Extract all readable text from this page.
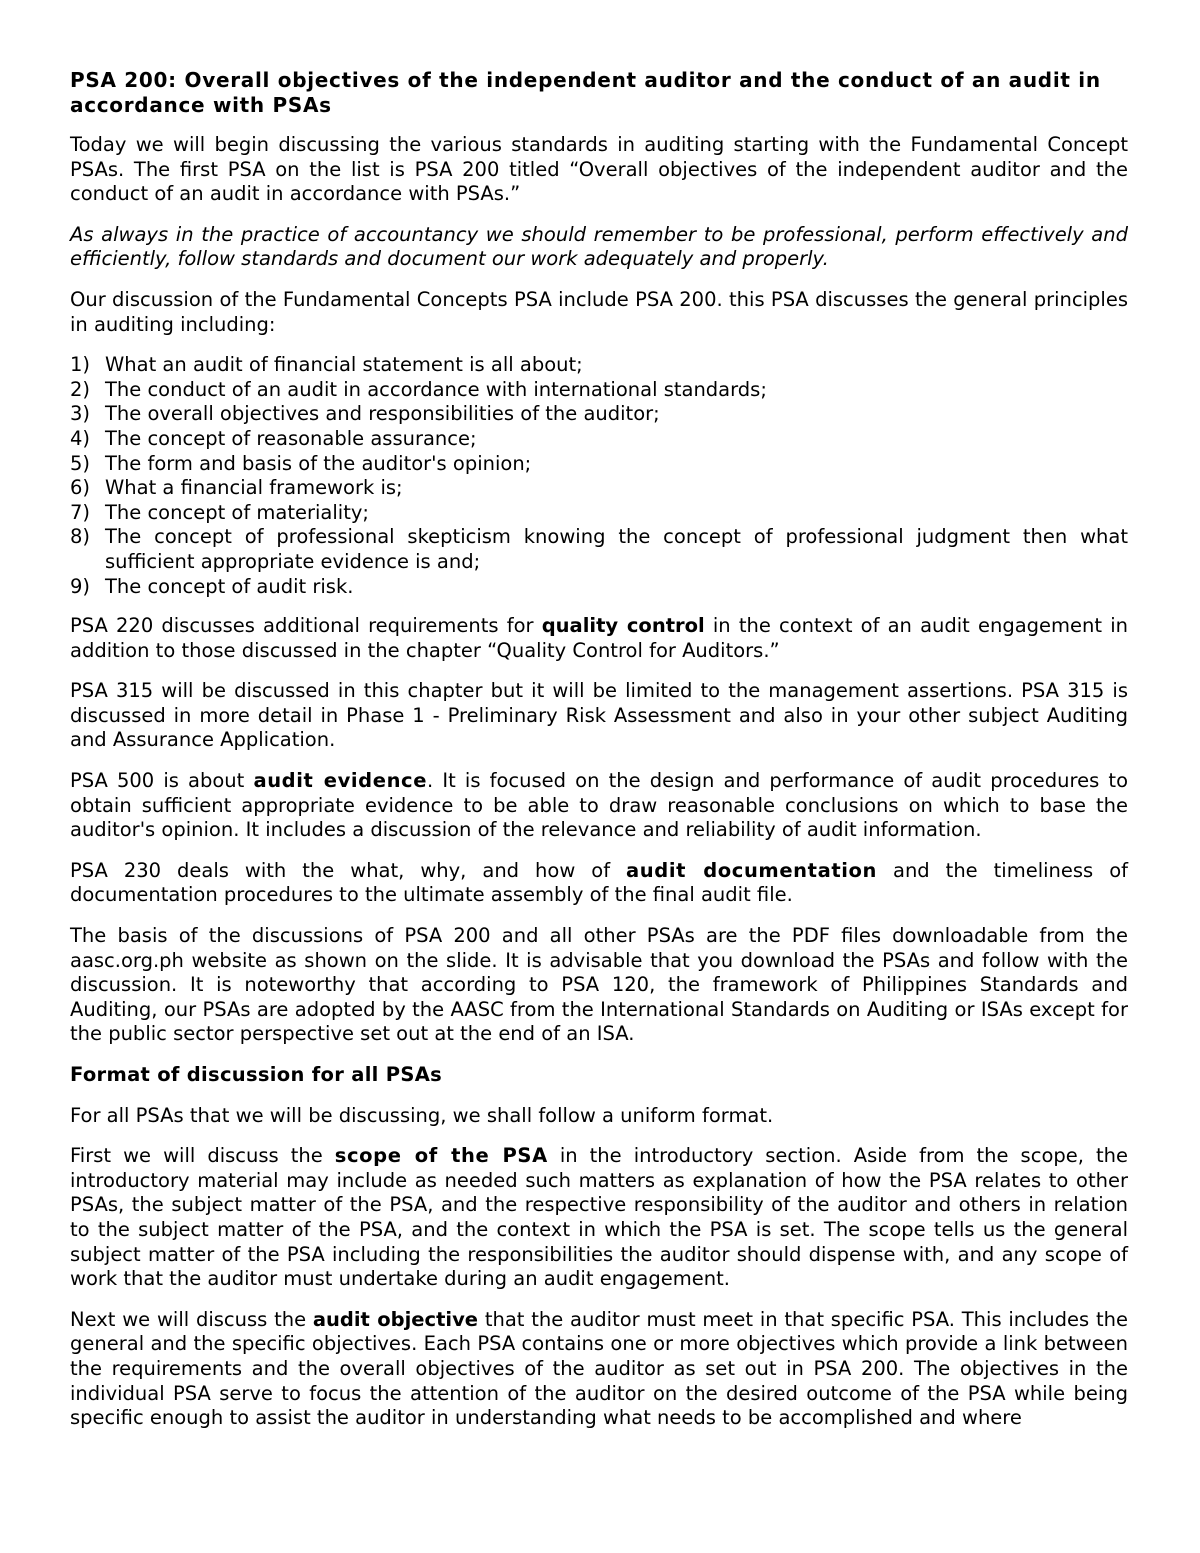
PSA 200: Overall objectives of the independent auditor and the conduct of an audit in accordance with PSAs

Today we will begin discussing the various standards in auditing starting with the Fundamental Concept PSAs. The first PSA on the list is PSA 200 titled “Overall objectives of the independent auditor and the conduct of an audit in accordance with PSAs.”

As always in the practice of accountancy we should remember to be professional, perform effectively and efficiently, follow standards and document our work adequately and properly.

Our discussion of the Fundamental Concepts PSA include PSA 200. this PSA discusses the general principles in auditing including:

1 )	What an audit of financial statement is all about;
2 )	The conduct of an audit in accordance with international standards;
3 )	The overall objectives and responsibilities of the auditor;
4 )	The concept of reasonable assurance;
5 )	The form and basis of the auditor's opinion;
6 )	What a financial framework is;
7 )	The concept of materiality;
8 )	The concept of professional skepticism knowing the concept of professional judgment then what sufficient appropriate evidence is and;
9 )	The concept of audit risk.

PSA 220 discusses additional requirements for quality control in the context of an audit engagement in addition to those discussed in the chapter “Quality Control for Auditors.”

PSA 315 will be discussed in this chapter but it will be limited to the management assertions. PSA 315 is discussed in more detail in Phase 1 - Preliminary Risk Assessment and also in your other subject Auditing and Assurance Application.

PSA 500 is about audit evidence. It is focused on the design and performance of audit procedures to obtain sufficient appropriate evidence to be able to draw reasonable conclusions on which to base the auditor's opinion. It includes a discussion of the relevance and reliability of audit information.

PSA 230 deals with the what, why, and how of audit documentation and the timeliness of documentation procedures to the ultimate assembly of the final audit file.

The basis of the discussions of PSA 200 and all other PSAs are the PDF files downloadable from the aasc.org.ph website as shown on the slide. It is advisable that you download the PSAs and follow with the discussion. It is noteworthy that according to PSA 120, the framework of Philippines Standards and Auditing, our PSAs are adopted by the AASC from the International Standards on Auditing or ISAs except for the public sector perspective set out at the end of an ISA.

Format of discussion for all PSAs

For all PSAs that we will be discussing, we shall follow a uniform format.

First we will discuss the scope of the PSA in the introductory section. Aside from the scope, the introductory material may include as needed such matters as explanation of how the PSA relates to other PSAs, the subject matter of the PSA, and the respective responsibility of the auditor and others in relation to the subject matter of the PSA, and the context in which the PSA is set. The scope tells us the general subject matter of the PSA including the responsibilities the auditor should dispense with, and any scope of work that the auditor must undertake during an audit engagement.

Next we will discuss the audit objective that the auditor must meet in that specific PSA. This includes the general and the specific objectives. Each PSA contains one or more objectives which provide a link between the requirements and the overall objectives of the auditor as set out in PSA 200. The objectives in the individual PSA serve to focus the attention of the auditor on the desired outcome of the PSA while being specific enough to assist the auditor in understanding what needs to be accomplished and where
